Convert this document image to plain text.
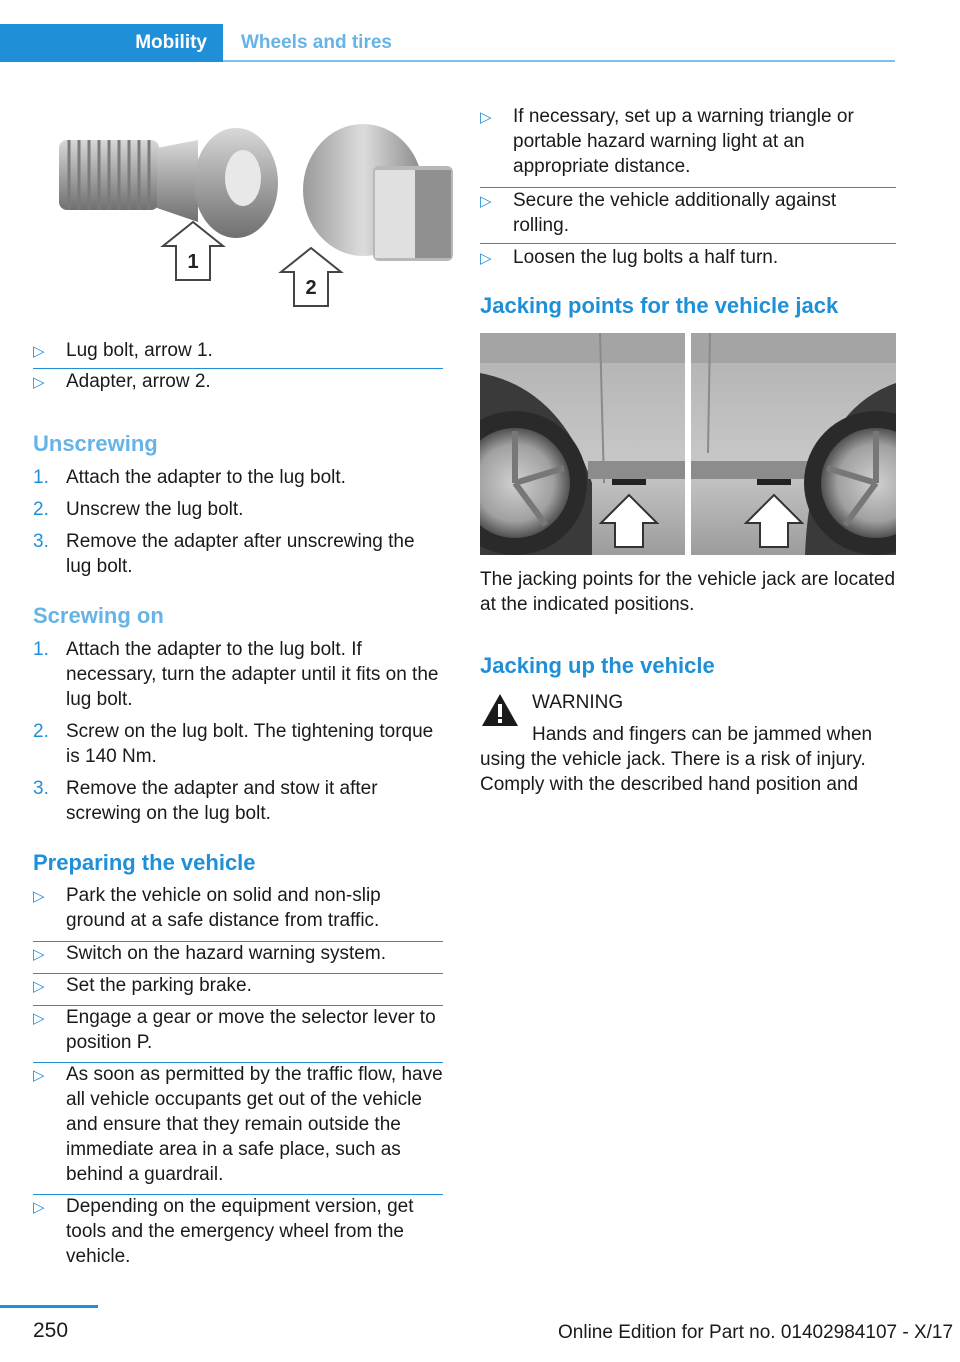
Mobility	Wheels and tires
1
2
▷ Lug bolt, arrow 1.
▷ Adapter, arrow 2.
Unscrewing
1. Attach the adapter to the lug bolt.
2. Unscrew the lug bolt.
3. Remove the adapter after unscrewing the lug bolt.
Screwing on
1. Attach the adapter to the lug bolt. If necessary, turn the adapter until it fits on the lug bolt.
2. Screw on the lug bolt. The tightening torque is 140 Nm.
3. Remove the adapter and stow it after screwing on the lug bolt.
Preparing the vehicle
▷ Park the vehicle on solid and non-slip ground at a safe distance from traffic.
▷ Switch on the hazard warning system.
▷ Set the parking brake.
▷ Engage a gear or move the selector lever to position P.
▷ As soon as permitted by the traffic flow, have all vehicle occupants get out of the vehicle and ensure that they remain outside the immediate area in a safe place, such as behind a guardrail.
▷ Depending on the equipment version, get tools and the emergency wheel from the vehicle.
▷ If necessary, set up a warning triangle or portable hazard warning light at an appropriate distance.
▷ Secure the vehicle additionally against rolling.
▷ Loosen the lug bolts a half turn.
Jacking points for the vehicle jack
The jacking points for the vehicle jack are located at the indicated positions.
Jacking up the vehicle
WARNING
Hands and fingers can be jammed when using the vehicle jack. There is a risk of injury. Comply with the described hand position and
250	Online Edition for Part no. 01402984107 - X/17
